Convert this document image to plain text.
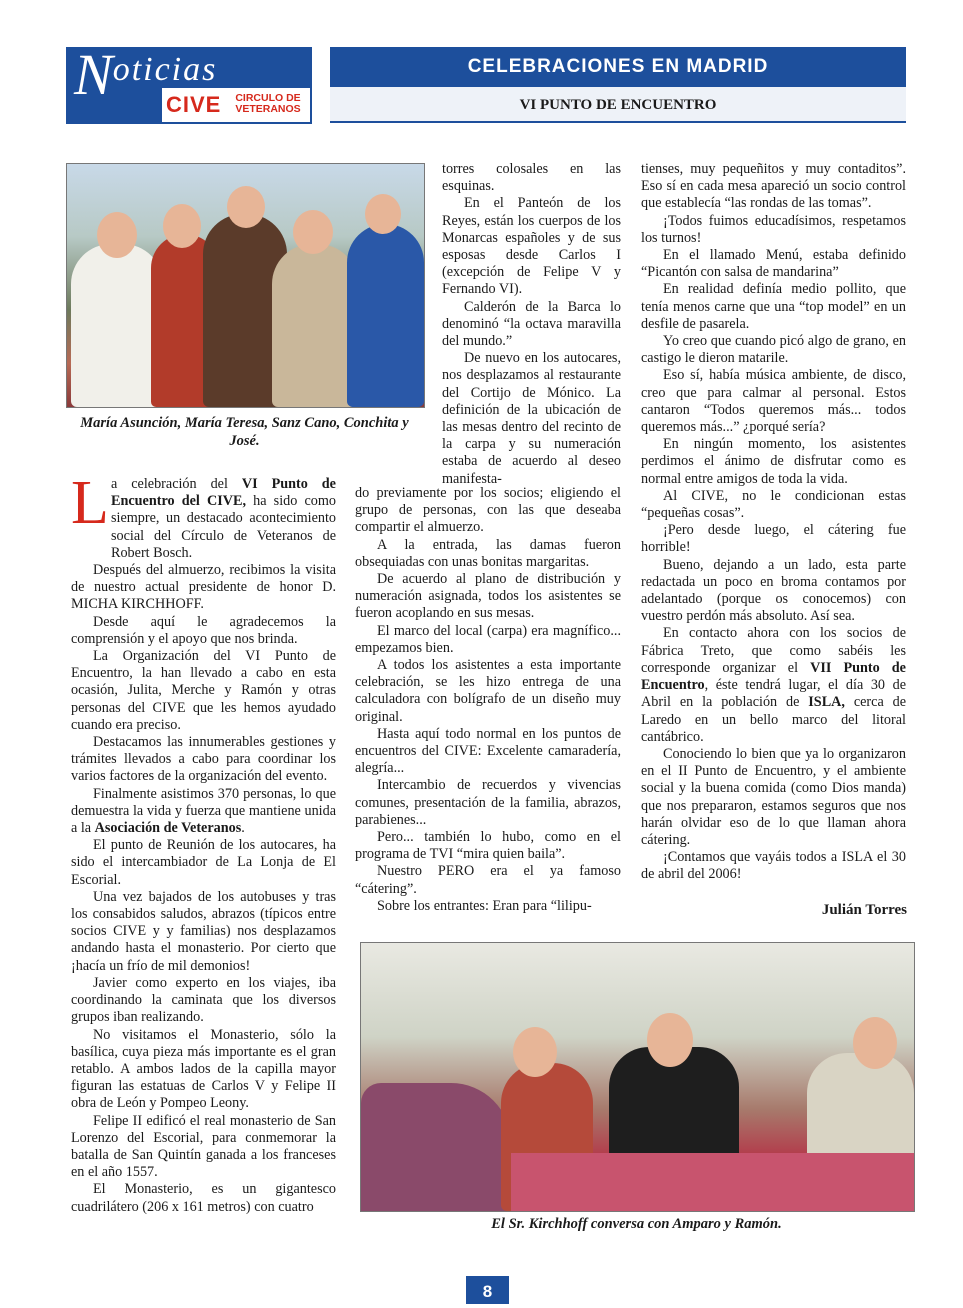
Noticias
CIVE	CIRCULO DE
VETERANOS
CELEBRACIONES EN MADRID
VI PUNTO DE ENCUENTRO
María Asunción, María Teresa, Sanz Cano, Conchita y José.
L a celebración del VI Punto de Encuentro del CIVE, ha sido como siempre, un destacado acontecimiento social del Círculo de Veteranos de Robert Bosch.

Después del almuerzo, recibimos la visita de nuestro actual presidente de honor D. MICHA KIRCHHOFF.

Desde aquí le agradecemos la comprensión y el apoyo que nos brinda.

La Organización del VI Punto de Encuentro, la han llevado a cabo en esta ocasión, Julita, Merche y Ramón y otras personas del CIVE que les hemos ayudado cuando era preciso.

Destacamos las innumerables gestiones y trámites llevados a cabo para coordinar los varios factores de la organización del evento.

Finalmente asistimos 370 personas, lo que demuestra la vida y fuerza que mantiene unida a la Asociación de Veteranos.

El punto de Reunión de los autocares, ha sido el intercambiador de La Lonja de El Escorial.

Una vez bajados de los autobuses y tras los consabidos saludos, abrazos (típicos entre socios CIVE y y familias) nos desplazamos andando hasta el monasterio. Por cierto que ¡hacía un frío de mil demonios!

Javier como experto en los viajes, iba coordinando la caminata que los diversos grupos iban realizando.

No visitamos el Monasterio, sólo la basílica, cuya pieza más importante es el gran retablo. A ambos lados de la capilla mayor figuran las estatuas de Carlos V y Felipe II obra de León y Pompeo Leony.

Felipe II edificó el real monasterio de San Lorenzo del Escorial, para conmemorar la batalla de San Quintín ganada a los franceses en el año 1557.

El Monasterio, es un gigantesco cuadrilátero (206 x 161 metros) con cuatro

torres colosales en las esquinas.

En el Panteón de los Reyes, están los cuerpos de los Monarcas españoles y de sus esposas desde Carlos I (excepción de Felipe V y Fernando VI).

Calderón de la Barca lo denominó “la octava maravilla del mundo.”

De nuevo en los autocares, nos desplazamos al restaurante del Cortijo de Mónico. La definición de la ubicación de las mesas dentro del recinto de la carpa y su numeración estaba de acuerdo al deseo manifesta-

do previamente por los socios; eligiendo el grupo de personas, con las que deseaba compartir el almuerzo.

A la entrada, las damas fueron obsequiadas con unas bonitas margaritas.

De acuerdo al plano de distribución y numeración asignada, todos los asistentes se fueron acoplando en sus mesas.

El marco del local (carpa) era magnífico... empezamos bien.

A todos los asistentes a esta importante celebración, se les hizo entrega de una calculadora con bolígrafo de un diseño muy original.

Hasta aquí todo normal en los puntos de encuentros del CIVE: Excelente camaradería, alegría...

Intercambio de recuerdos y vivencias comunes, presentación de la familia, abrazos, parabienes...

Pero... también lo hubo, como en el programa de TVI “mira quien baila”.

Nuestro PERO era el ya famoso “cátering”.

Sobre los entrantes: Eran para “lilipu-

tienses, muy pequeñitos y muy contaditos”. Eso sí en cada mesa apareció un socio control que establecía “las rondas de las tomas”.

¡Todos fuimos educadísimos, respetamos los turnos!

En el llamado Menú, estaba definido “Picantón con salsa de mandarina”

En realidad definía medio pollito, que tenía menos carne que una “top model” en un desfile de pasarela.

Yo creo que cuando picó algo de grano, en castigo le dieron matarile.

Eso sí, había música ambiente, de disco, creo que para calmar al personal. Estos cantaron “Todos queremos más... todos queremos más...” ¿porqué sería?

En ningún momento, los asistentes perdimos el ánimo de disfrutar como es normal entre amigos de toda la vida.

Al CIVE, no le condicionan estas “pequeñas cosas”.

¡Pero desde luego, el cátering fue horrible!

Bueno, dejando a un lado, esta parte redactada un poco en broma contamos por adelantado (porque os conocemos) con vuestro perdón más absoluto. Así sea.

En contacto ahora con los socios de Fábrica Treto, que como sabéis les corresponde organizar el VII Punto de Encuentro, éste tendrá lugar, el día 30 de Abril en la población de ISLA, cerca de Laredo en un bello marco del litoral cantábrico.

Conociendo lo bien que ya lo organizaron en el II Punto de Encuentro, y el ambiente social y la buena comida (como Dios manda) que nos prepararon, estamos seguros que nos harán olvidar eso de lo que llaman ahora cátering.

¡Contamos que vayáis todos a ISLA el 30 de abril del 2006!

Julián Torres
El Sr. Kirchhoff conversa con Amparo y Ramón.
8
